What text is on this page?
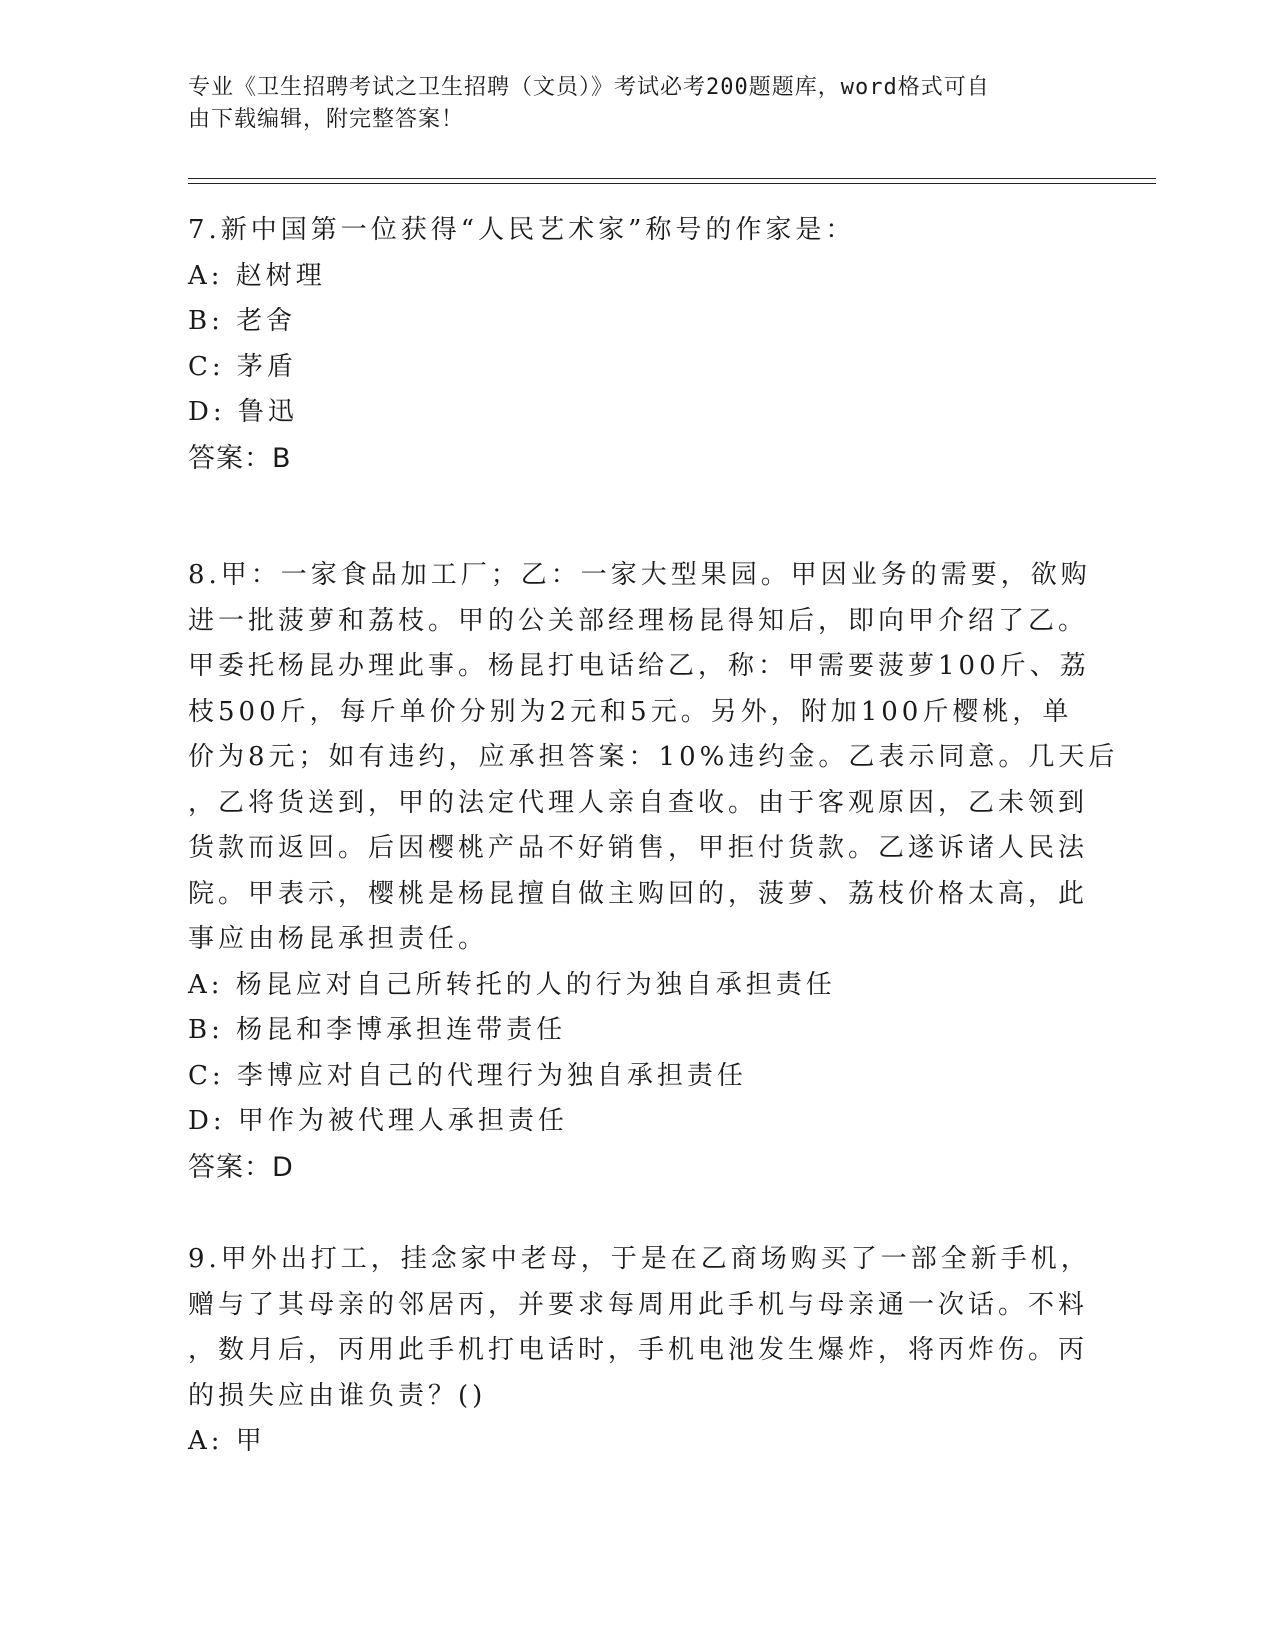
专业《卫生招聘考试之卫生招聘（文员）》考试必考200题题库，word格式可自
由下载编辑，附完整答案！
7.新中国第一位获得“人民艺术家”称号的作家是：
A: 赵树理
B: 老舍
C: 茅盾
D: 鲁迅
答案：B
8.甲：一家食品加工厂；乙：一家大型果园。甲因业务的需要，欲购
进一批菠萝和荔枝。甲的公关部经理杨昆得知后，即向甲介绍了乙。
甲委托杨昆办理此事。杨昆打电话给乙，称：甲需要菠萝100斤、荔
枝500斤，每斤单价分别为2元和5元。另外，附加100斤樱桃，单
价为8元；如有违约，应承担答案：10%违约金。乙表示同意。几天后
，乙将货送到，甲的法定代理人亲自查收。由于客观原因，乙未领到
货款而返回。后因樱桃产品不好销售，甲拒付货款。乙遂诉诸人民法
院。甲表示，樱桃是杨昆擅自做主购回的，菠萝、荔枝价格太高，此
事应由杨昆承担责任。
A: 杨昆应对自己所转托的人的行为独自承担责任
B: 杨昆和李博承担连带责任
C: 李博应对自己的代理行为独自承担责任
D: 甲作为被代理人承担责任
答案：D
9.甲外出打工，挂念家中老母，于是在乙商场购买了一部全新手机，
赠与了其母亲的邻居丙，并要求每周用此手机与母亲通一次话。不料
，数月后，丙用此手机打电话时，手机电池发生爆炸，将丙炸伤。丙
的损失应由谁负责？()
A: 甲
